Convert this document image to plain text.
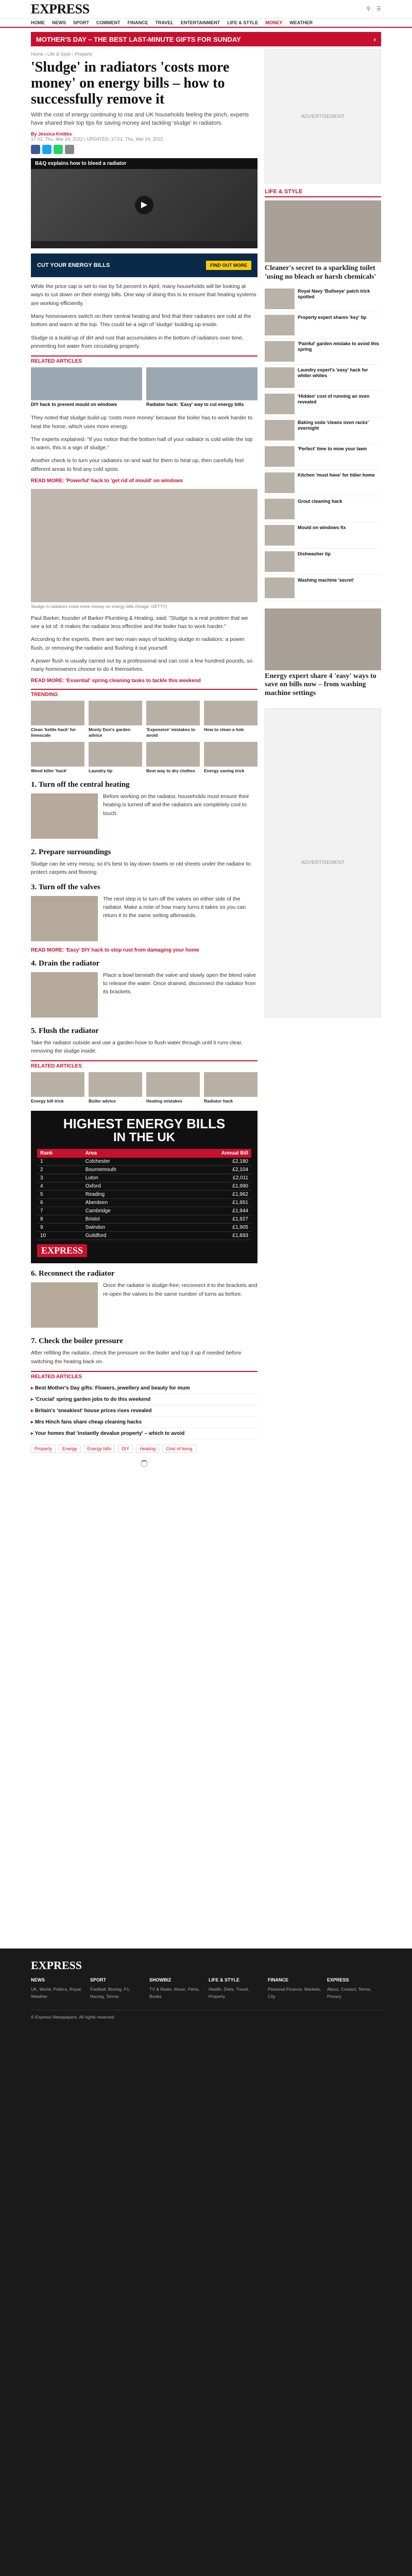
EXPRESS	⚲ ☰
HOME NEWS SPORT COMMENT FINANCE TRAVEL ENTERTAINMENT LIFE & STYLE MONEY WEATHER
MOTHER'S DAY – THE BEST LAST-MINUTE GIFTS FOR SUNDAY	›
Home › Life & Style › Property
'Sludge' in radiators 'costs more money' on energy bills – how to successfully remove it
With the cost of energy continuing to rise and UK households feeling the pinch, experts have shared their top tips for saving money and tackling 'sludge' in radiators.
By Jessica Knibbs
17:01, Thu, Mar 24, 2022 | UPDATED: 17:01, Thu, Mar 24, 2022
B&Q explains how to bleed a radiator
▶
CUT YOUR ENERGY BILLS	FIND OUT MORE

While the price cap is set to rise by 54 percent in April, many households will be looking at ways to cut down on their energy bills. One way of doing this is to ensure that heating systems are working efficiently.

Many homeowners switch on their central heating and find that their radiators are cold at the bottom and warm at the top. This could be a sign of 'sludge' building up inside.

Sludge is a build-up of dirt and rust that accumulates in the bottom of radiators over time, preventing hot water from circulating properly.

RELATED ARTICLES
DIY hack to prevent mould on windows	Radiator hack: 'Easy' way to cut energy bills

They noted that sludge build-up 'costs more money' because the boiler has to work harder to heat the home, which uses more energy.

The experts explained: "If you notice that the bottom half of your radiator is cold while the top is warm, this is a sign of sludge."

Another check is to turn your radiators on and wait for them to heat up, then carefully feel different areas to find any cold spots.

READ MORE: 'Powerful' hack to 'get rid of mould' on windows
Sludge in radiators costs more money on energy bills (Image: GETTY)

Paul Barker, founder of Barker Plumbing & Heating, said: "Sludge is a real problem that we see a lot of. It makes the radiator less effective and the boiler has to work harder."

According to the experts, there are two main ways of tackling sludge in radiators: a power flush, or removing the radiator and flushing it out yourself.

A power flush is usually carried out by a professional and can cost a few hundred pounds, so many homeowners choose to do it themselves.

READ MORE: 'Essential' spring cleaning tasks to tackle this weekend
TRENDING
Clean 'kettle hack' for limescale
Monty Don's garden advice
'Expensive' mistakes to avoid
How to clean a hob
Weed killer 'hack'	Laundry tip	Best way to dry clothes	Energy saving trick
1. Turn off the central heating

Before working on the radiator, households must ensure their heating is turned off and the radiators are completely cool to touch.

2. Prepare surroundings

Sludge can be very messy, so it's best to lay down towels or old sheets under the radiator to protect carpets and flooring.

3. Turn off the valves

The next step is to turn off the valves on either side of the radiator. Make a note of how many turns it takes so you can return it to the same setting afterwards.

READ MORE: 'Easy' DIY hack to stop rust from damaging your home
4. Drain the radiator

Place a bowl beneath the valve and slowly open the bleed valve to release the water. Once drained, disconnect the radiator from its brackets.

5. Flush the radiator

Take the radiator outside and use a garden hose to flush water through until it runs clear, removing the sludge inside.

RELATED ARTICLES
Energy bill trick	Boiler advice	Heating mistakes	Radiator hack
HIGHEST ENERGY BILLS
IN THE UK
Rank	Area	Annual Bill
1	Colchester	£2,180
2	Bournemouth	£2,104
3	Luton	£2,011
4	Oxford	£1,990
5	Reading	£1,962
6	Aberdeen	£1,951
7	Cambridge	£1,944
8	Bristol	£1,927
9	Swindon	£1,905
10	Guildford	£1,893
EXPRESS
6. Reconnect the radiator

Once the radiator is sludge-free, reconnect it to the brackets and re-open the valves to the same number of turns as before.

7. Check the boiler pressure

After refilling the radiator, check the pressure on the boiler and top it up if needed before switching the heating back on.

RELATED ARTICLES
▸ Best Mother's Day gifts: Flowers, jewellery and beauty for mum
▸ 'Crucial' spring garden jobs to do this weekend
▸ Britain's 'sneakiest' house prices rises revealed
▸ Mrs Hinch fans share cheap cleaning hacks
▸ Your homes that 'instantly devalue property' – which to avoid
Property	Energy	Energy bills	DIY	Heating	Cost of living
ADVERTISEMENT
LIFE & STYLE
Cleaner's secret to a sparkling toilet 'using no bleach or harsh chemicals'
Royal Navy 'Bullseye' patch trick spotted
Property expert shares 'key' tip
'Painful' garden mistake to avoid this spring
Laundry expert's 'easy' hack for whiter whites
'Hidden' cost of running an oven revealed
Baking soda 'cleans oven racks' overnight
'Perfect' time to mow your lawn
Kitchen 'must have' for tidier home
Grout cleaning hack
Mould on windows fix
Dishwasher tip
Washing machine 'secret'
Energy expert share 4 'easy' ways to save on bills now – from washing machine settings
ADVERTISEMENT
EXPRESS
NEWS
UK, World, Politics, Royal, Weather
SPORT
Football, Boxing, F1, Racing, Tennis
SHOWBIZ
TV & Radio, Music, Films, Books
LIFE & STYLE
Health, Diets, Travel, Property
FINANCE
Personal Finance, Markets, City
EXPRESS
About, Contact, Terms, Privacy
© Express Newspapers. All rights reserved.
